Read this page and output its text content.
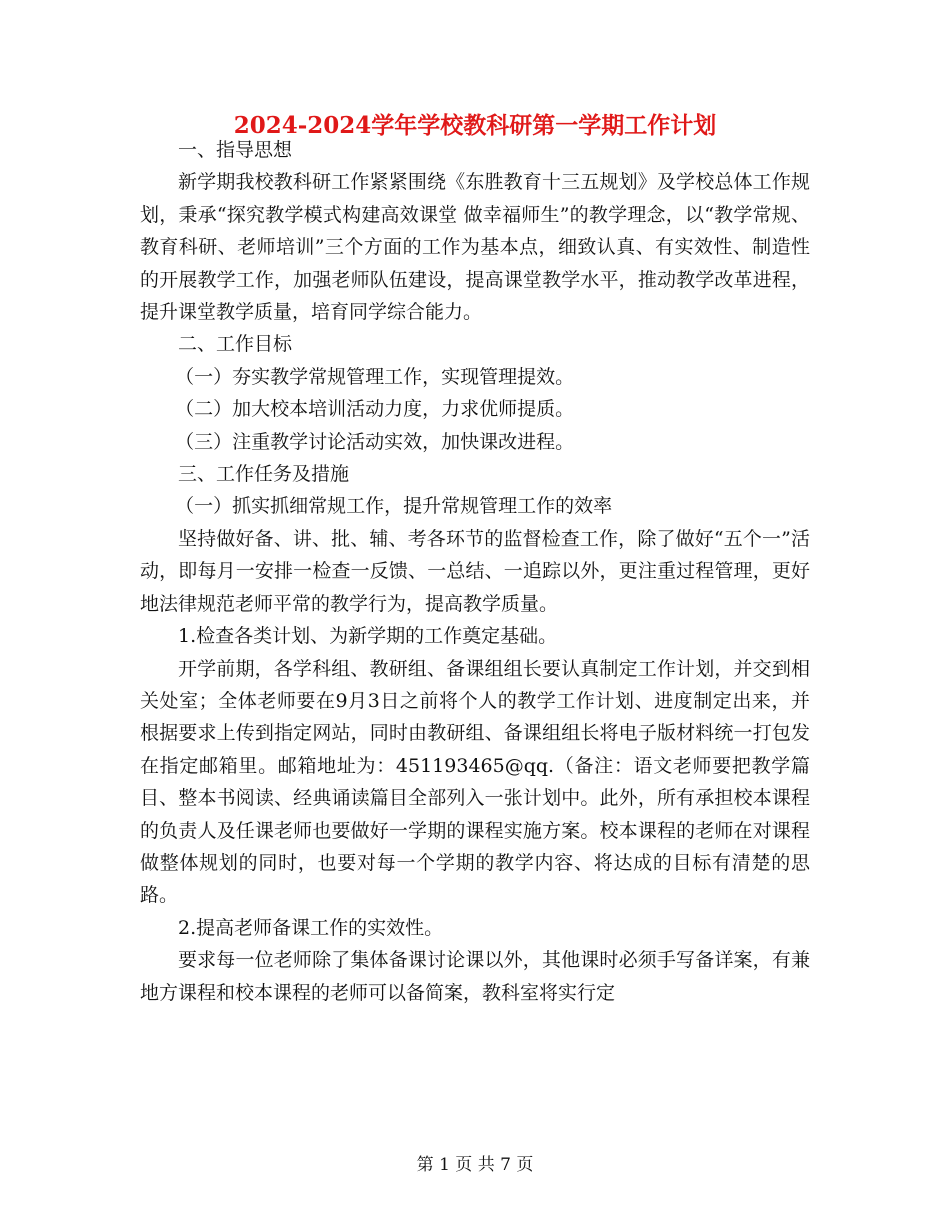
2024-2024学年学校教科研第一学期工作计划

一、指导思想

新学期我校教科研工作紧紧围绕《东胜教育十三五规划》及学校总体工作规划，秉承“探究教学模式构建高效课堂 做幸福师生”的教学理念，以“教学常规、教育科研、老师培训”三个方面的工作为基本点，细致认真、有实效性、制造性的开展教学工作，加强老师队伍建设，提高课堂教学水平，推动教学改革进程，提升课堂教学质量，培育同学综合能力。

二、工作目标

（一）夯实教学常规管理工作，实现管理提效。

（二）加大校本培训活动力度，力求优师提质。

（三）注重教学讨论活动实效，加快课改进程。

三、工作任务及措施

（一）抓实抓细常规工作，提升常规管理工作的效率

坚持做好备、讲、批、辅、考各环节的监督检查工作，除了做好“五个一”活动，即每月一安排一检查一反馈、一总结、一追踪以外，更注重过程管理，更好地法律规范老师平常的教学行为，提高教学质量。

1.检查各类计划、为新学期的工作奠定基础。

开学前期，各学科组、教研组、备课组组长要认真制定工作计划，并交到相关处室；全体老师要在9月3日之前将个人的教学工作计划、进度制定出来，并根据要求上传到指定网站，同时由教研组、备课组组长将电子版材料统一打包发在指定邮箱里。邮箱地址为：451193465@qq.（备注：语文老师要把教学篇目、整本书阅读、经典诵读篇目全部列入一张计划中。此外，所有承担校本课程的负责人及任课老师也要做好一学期的课程实施方案。校本课程的老师在对课程做整体规划的同时，也要对每一个学期的教学内容、将达成的目标有清楚的思路。

2.提高老师备课工作的实效性。

要求每一位老师除了集体备课讨论课以外，其他课时必须手写备详案，有兼地方课程和校本课程的老师可以备简案，教科室将实行定

第 1 页 共 7 页
